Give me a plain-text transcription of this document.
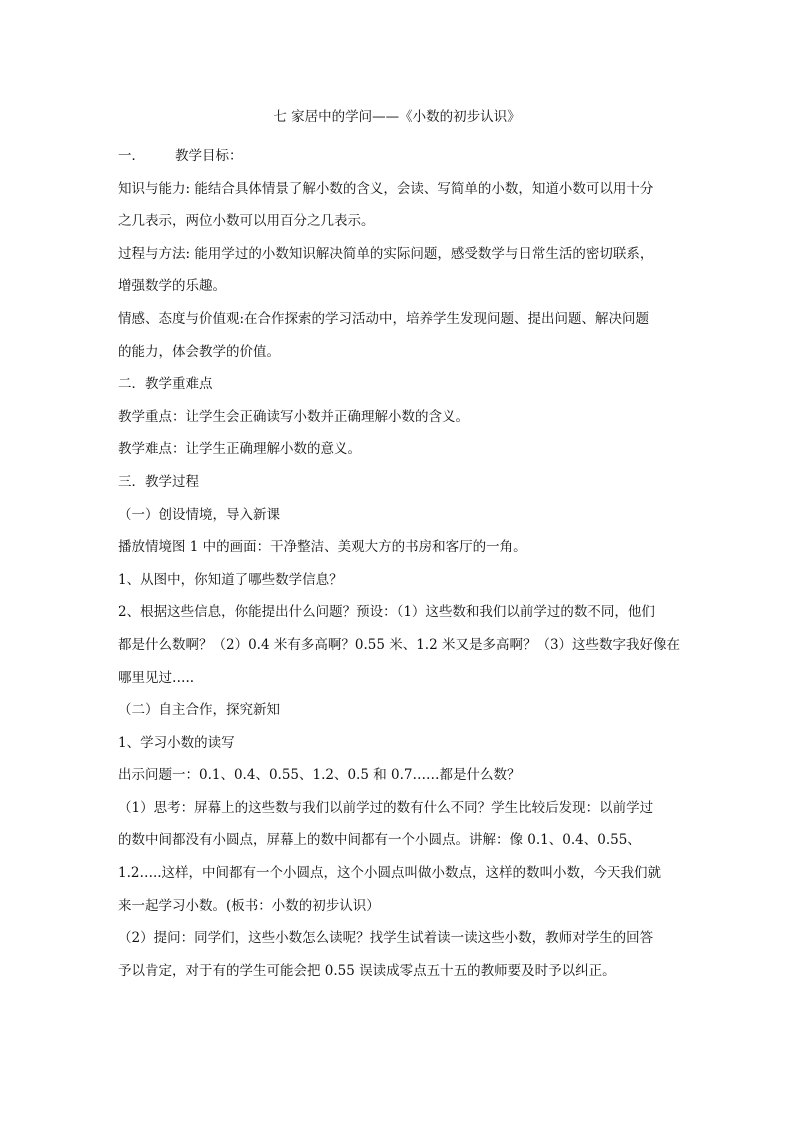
七 家居中的学问——《小数的初步认识》

一． 教学目标：

知识与能力: 能结合具体情景了解小数的含义，会读、写简单的小数，知道小数可以用十分

之几表示，两位小数可以用百分之几表示。

过程与方法: 能用学过的小数知识解决简单的实际问题，感受数学与日常生活的密切联系，

增强数学的乐趣。

情感、态度与价值观:在合作探索的学习活动中，培养学生发现问题、提出问题、解决问题

的能力，体会教学的价值。

二．教学重难点

教学重点：让学生会正确读写小数并正确理解小数的含义。

教学难点：让学生正确理解小数的意义。

三．教学过程

（一）创设情境，导入新课

播放情境图 1 中的画面：干净整洁、美观大方的书房和客厅的一角。

1、从图中，你知道了哪些数学信息？

2、根据这些信息，你能提出什么问题？预设：（1）这些数和我们以前学过的数不同，他们

都是什么数啊？（2）0.4 米有多高啊？0.55 米、1.2 米又是多高啊？（3）这些数字我好像在

哪里见过…..

（二）自主合作，探究新知

1、学习小数的读写

出示问题一：0.1、0.4、0.55、1.2、0.5 和 0.7……都是什么数？

（1）思考：屏幕上的这些数与我们以前学过的数有什么不同？学生比较后发现：以前学过

的数中间都没有小圆点，屏幕上的数中间都有一个小圆点。讲解：像 0.1、0.4、0.55、

1.2…..这样，中间都有一个小圆点，这个小圆点叫做小数点，这样的数叫小数，今天我们就

来一起学习小数。(板书：小数的初步认识）

（2）提问：同学们，这些小数怎么读呢？找学生试着读一读这些小数，教师对学生的回答

予以肯定，对于有的学生可能会把 0.55 误读成零点五十五的教师要及时予以纠正。
